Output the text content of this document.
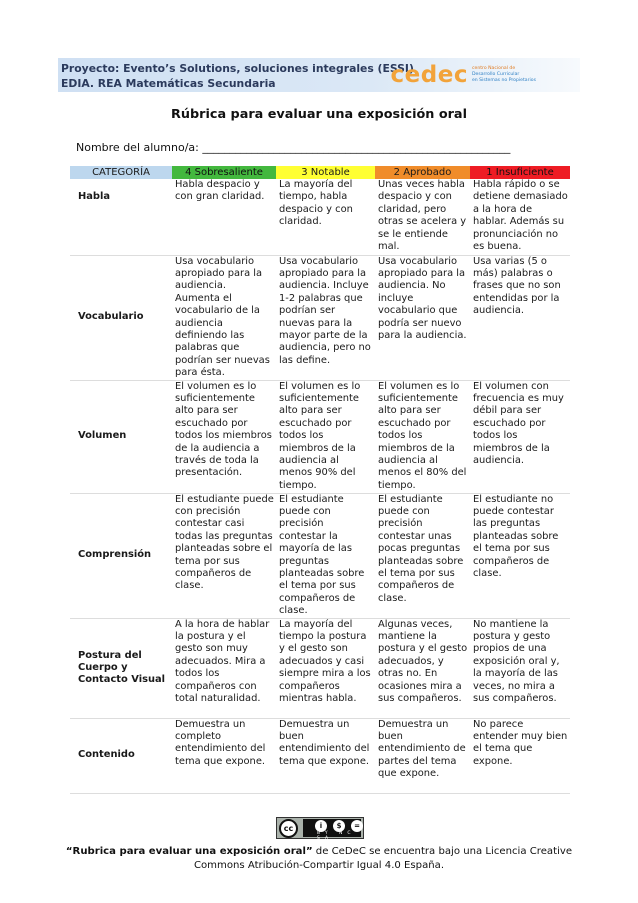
Proyecto: Evento’s Solutions, soluciones integrales (ESSI)
EDIA. REA Matemáticas Secundaria	cedec centro Nacional de
Desarrollo Curricular
en Sistemas no Propietarios
Rúbrica para evaluar una exposición oral
Nombre del alumno/a: ________________________________________________________
CATEGORÍA	4 Sobresaliente	3 Notable	2 Aprobado	1 Insuficiente
Habla	Habla despacio y con gran claridad.	La mayoría del tiempo, habla despacio y con claridad.	Unas veces habla despacio y con claridad, pero otras se acelera y se le entiende mal.	Habla rápido o se detiene demasiado a la hora de hablar. Además su pronunciación no es buena.
Vocabulario	Usa vocabulario apropiado para la audiencia. Aumenta el vocabulario de la audiencia definiendo las palabras que podrían ser nuevas para ésta.	Usa vocabulario apropiado para la audiencia. Incluye 1-2 palabras que podrían ser nuevas para la mayor parte de la audiencia, pero no las define.	Usa vocabulario apropiado para la audiencia. No incluye vocabulario que podría ser nuevo para la audiencia.	Usa varias (5 o más) palabras o frases que no son entendidas por la audiencia.
Volumen	El volumen es lo suficientemente alto para ser escuchado por todos los miembros de la audiencia a través de toda la presentación.	El volumen es lo suficientemente alto para ser escuchado por todos los miembros de la audiencia al menos 90% del tiempo.	El volumen es lo suficientemente alto para ser escuchado por todos los miembros de la audiencia al menos el 80% del tiempo.	El volumen con frecuencia es muy débil para ser escuchado por todos los miembros de la audiencia.
Comprensión	El estudiante puede con precisión contestar casi todas las preguntas planteadas sobre el tema por sus compañeros de clase.	El estudiante puede con precisión contestar la mayoría de las preguntas planteadas sobre el tema por sus compañeros de clase.	El estudiante puede con precisión contestar unas pocas preguntas planteadas sobre el tema por sus compañeros de clase.	El estudiante no puede contestar las preguntas planteadas sobre el tema por sus compañeros de clase.
Postura del Cuerpo y Contacto Visual	A la hora de hablar la postura y el gesto son muy adecuados. Mira a todos los compañeros con total naturalidad.	La mayoría del tiempo la postura y el gesto son adecuados y casi siempre mira a los compañeros mientras habla.	Algunas veces, mantiene la postura y el gesto adecuados, y otras no. En ocasiones mira a sus compañeros.	No mantiene la postura y gesto propios de una exposición oral y, la mayoría de las veces, no mira a sus compañeros.
Contenido	Demuestra un completo entendimiento del tema que expone.	Demuestra un buen entendimiento del tema que expone.	Demuestra un buen entendimiento de partes del tema que expone.	No parece entender muy bien el tema que expone.
cc	i	$	=
BY NC SA
“Rubrica para evaluar una exposición oral” de CeDeC se encuentra bajo una Licencia Creative Commons Atribución-Compartir Igual 4.0 España.
